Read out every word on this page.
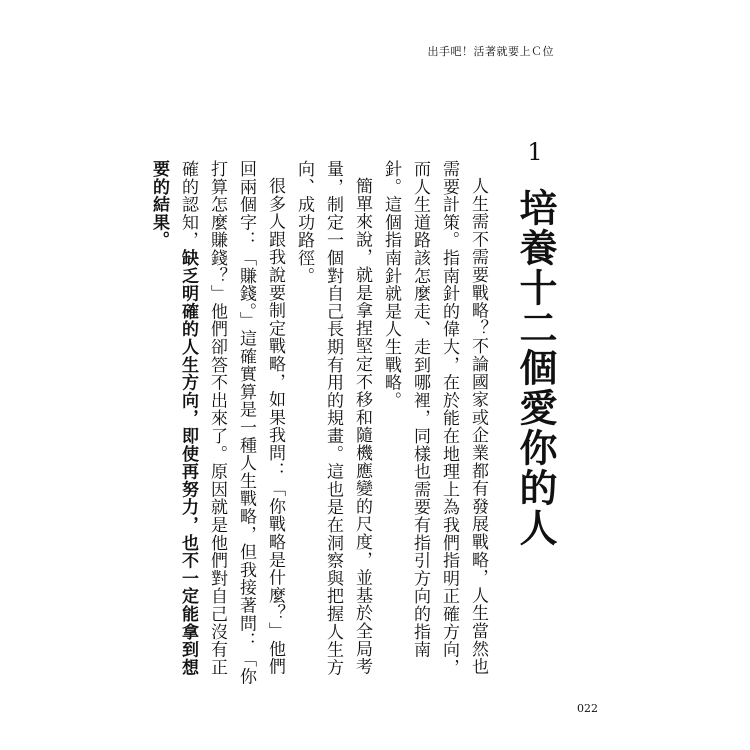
出手吧！活著就要上Ｃ位
1
培養十二個愛你的人

人生需不需要戰略？不論國家或企業都有發展戰略，人生當然也需要計策。指南針的偉大，在於能在地理上為我們指明正確方向，而人生道路該怎麼走、走到哪裡，同樣也需要有指引方向的指南針。這個指南針就是人生戰略。

簡單來說，就是拿捏堅定不移和隨機應變的尺度，並基於全局考量，制定一個對自己長期有用的規畫。這也是在洞察與把握人生方向、成功路徑。

很多人跟我說要制定戰略，如果我問：「你戰略是什麼？」他們回兩個字：「賺錢。」這確實算是一種人生戰略，但我接著問：「你打算怎麼賺錢？」他們卻答不出來了。原因就是他們對自己沒有正確的認知，缺乏明確的人生方向，即使再努力，也不一定能拿到想要的結果。

022
